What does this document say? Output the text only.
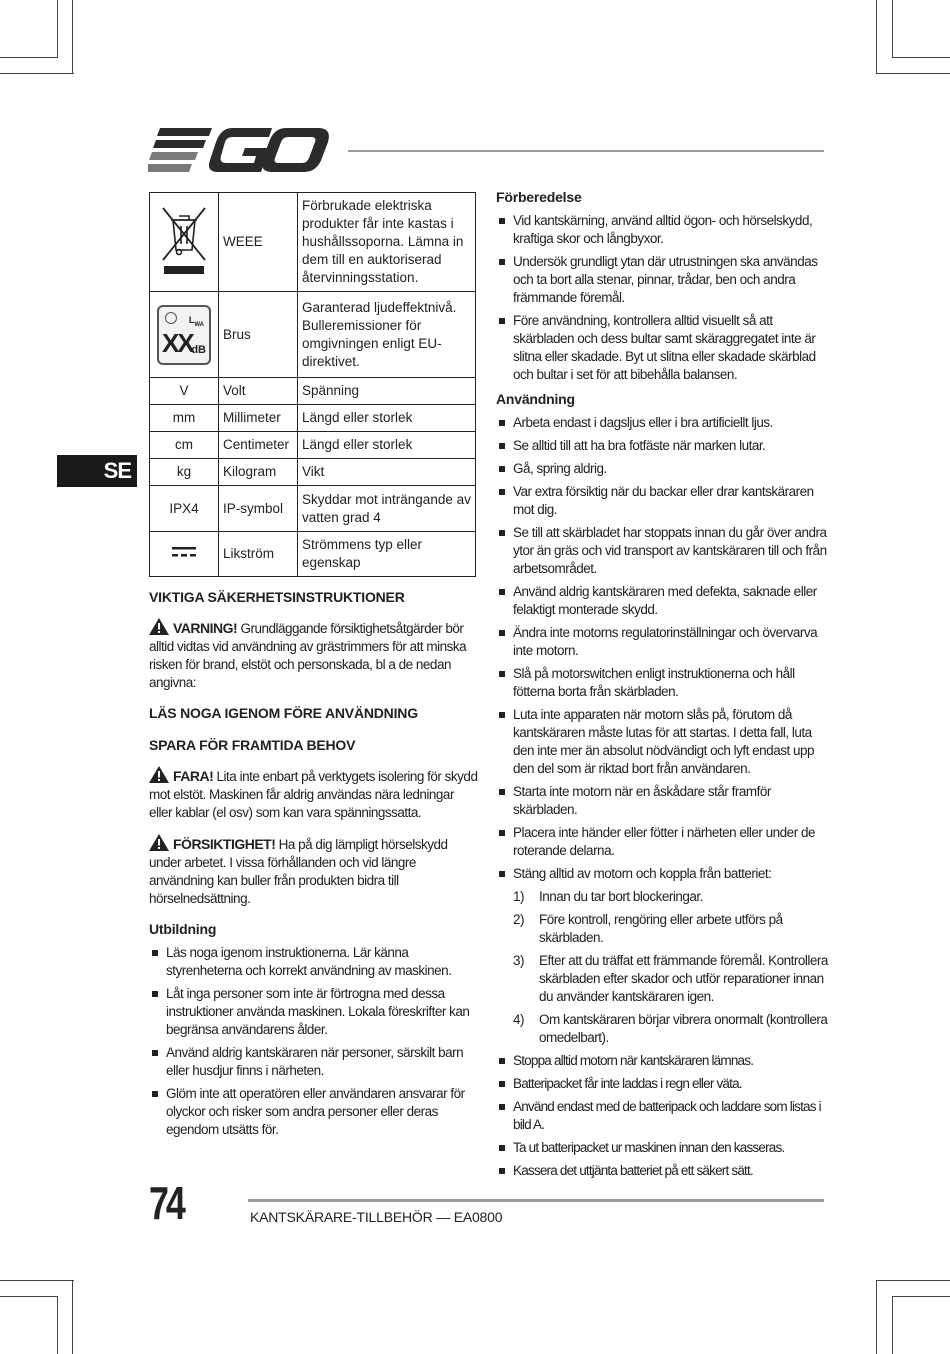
SE
	WEEE	Förbrukade elektriska produkter får inte kastas i hushållssoporna. Lämna in dem till en auktoriserad återvinningsstation.

$L_{WA}$
XX
dB	Brus	Garanterad ljudeffektnivå. Bulleremissioner för omgivningen enligt EU-direktivet.
V	Volt	Spänning
mm	Millimeter	Längd eller storlek
cm	Centimeter	Längd eller storlek
kg	Kilogram	Vikt
IPX4	IP-symbol	Skyddar mot inträngande av vatten grad 4
	Likström	Strömmens typ eller egenskap
VIKTIGA SÄKERHETSINSTRUKTIONER

VARNING! Grundläggande försiktighetsåtgärder bör alltid vidtas vid användning av grästrimmers för att minska risken för brand, elstöt och personskada, bl a de nedan angivna:

LÄS NOGA IGENOM FÖRE ANVÄNDNING
SPARA FÖR FRAMTIDA BEHOV

FARA! Lita inte enbart på verktygets isolering för skydd mot elstöt. Maskinen får aldrig användas nära ledningar eller kablar (el osv) som kan vara spänningssatta.

FÖRSIKTIGHET! Ha på dig lämpligt hörselskydd under arbetet. I vissa förhållanden och vid längre användning kan buller från produkten bidra till hörselnedsättning.

Utbildning
Läs noga igenom instruktionerna. Lär känna styrenheterna och korrekt användning av maskinen.
Låt inga personer som inte är förtrogna med dessa instruktioner använda maskinen. Lokala föreskrifter kan begränsa användarens ålder.
Använd aldrig kantskäraren när personer, särskilt barn eller husdjur finns i närheten.
Glöm inte att operatören eller användaren ansvarar för olyckor och risker som andra personer eller deras egendom utsätts för.
Förberedelse
Vid kantskärning, använd alltid ögon- och hörselskydd, kraftiga skor och långbyxor.
Undersök grundligt ytan där utrustningen ska användas och ta bort alla stenar, pinnar, trådar, ben och andra främmande föremål.
Före användning, kontrollera alltid visuellt så att skärbladen och dess bultar samt skäraggregatet inte är slitna eller skadade. Byt ut slitna eller skadade skärblad och bultar i set för att bibehålla balansen.
Användning
Arbeta endast i dagsljus eller i bra artificiellt ljus.
Se alltid till att ha bra fotfäste när marken lutar.
Gå, spring aldrig.
Var extra försiktig när du backar eller drar kantskäraren mot dig.
Se till att skärbladet har stoppats innan du går över andra ytor än gräs och vid transport av kantskäraren till och från arbetsområdet.
Använd aldrig kantskäraren med defekta, saknade eller felaktigt monterade skydd.
Ändra inte motorns regulatorinställningar och övervarva inte motorn.
Slå på motorswitchen enligt instruktionerna och håll fötterna borta från skärbladen.
Luta inte apparaten när motorn slås på, förutom då kantskäraren måste lutas för att startas. I detta fall, luta den inte mer än absolut nödvändigt och lyft endast upp den del som är riktad bort från användaren.
Starta inte motorn när en åskådare står framför skärbladen.
Placera inte händer eller fötter i närheten eller under de roterande delarna.
Stäng alltid av motorn och koppla från batteriet:
1) Innan du tar bort blockeringar.
2) Före kontroll, rengöring eller arbete utförs på skärbladen.
3) Efter att du träffat ett främmande föremål. Kontrollera skärbladen efter skador och utför reparationer innan du använder kantskäraren igen.
4) Om kantskäraren börjar vibrera onormalt (kontrollera omedelbart).
Stoppa alltid motorn när kantskäraren lämnas.
Batteripacket får inte laddas i regn eller väta.
Använd endast med de batteripack och laddare som listas i bild A.
Ta ut batteripacket ur maskinen innan den kasseras.
Kassera det uttjänta batteriet på ett säkert sätt.
74	KANTSKÄRARE-TILLBEHÖR — EA0800
